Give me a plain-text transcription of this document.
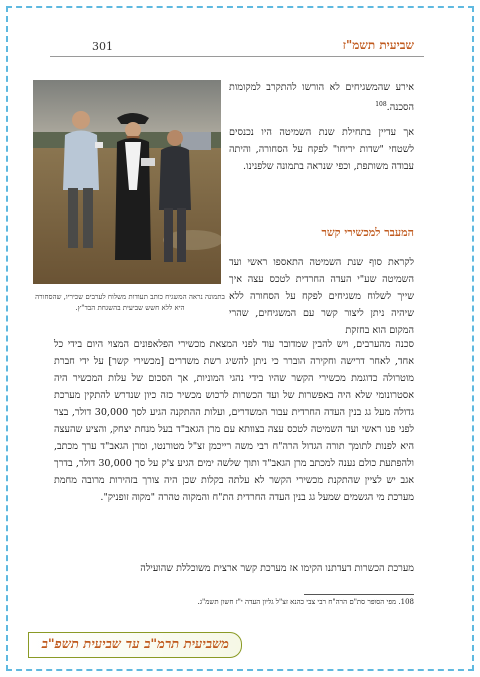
301	שביעית תשמ"ז
בתמונה נראה המשגיח כותב תעודות משלוח לערבים שכיריו, שהסחורה היא ללא חשש שביעית בהשגחת הבד"ץ.
אירע שהמשגיחים לא הורשו להתקרב למקומות הסכנה.$^{108}$
אך עדיין בתחילת שנת השמיטה היו נכנסים לשטחי "שדות יריחו" לפקח על הסחורה, והיתה עבודה משותפת, וכפי שנראה בתמונה שלפנינו.
המעבר למכשירי קשר
לקראת סוף שנת השמיטה התאספו ראשי ועד השמיטה שע"י העדה החרדית לטכס עצה איך שייך לשלוח משגיחים לפקח על הסחורה ללא שיהיה ניתן ליצור קשר עם המשגיחים, שהרי המקום הוא בחזקת
סכנה מהערבים, ויש להבין שמדובר עוד לפני המצאת מכשירי הפלאפונים המצוי היום בידי כל אחד, לאחר דרישה וחקירה הוברר כי ניתן להשיג רשת משדרים [מכשירי קשר] על ידי חברת מוטרולה כדוגמת מכשירי הקשר שהיו בידי נהגי המוניות, אך הסכום של עלות המכשיר היה אסטרונומי שלא היה באפשרות של ועד הכשרות לרכוש מכשיר כזה כיון שנדרש להתקין מערכת גדולה מעל גג בנין העדה החרדית עבור המשדרים, ועלות ההתקנה הגיע לסך 30,000 דולר, בצר לפני פנו ראשי ועד השמיטה לטכס עצה בצוותא עם מרן הגאב"ד בעל מנחת יצחק, והציע שהעצה היא לפנות לתומך תורה הגדול הרה"ח רבי משה רייכמן זצ"ל מטורנטו, ומרן הגאב"ד ערך מכתב, ולהפתעת כולם נענה למכתב מרן הגאב"ד ותוך שלשה ימים הגיע צ'ק על סך 30,000 דולר, בדרך אגב יש לציין שהתקנת מכשירי הקשר לא עלתה בקלות שכן היה צורך בזהירות מרובה מחמת מערכת מי הגשמים שמעל גג בנין העדה החרדית הת"ח והמקוה טהרה "מקוה זופניק".
מערכת הכשרות דעדתנו הקימו אז מערכת קשר ארצית משוכללת שהועילה
108. מפי הסופר סת"ם הרה"ח רבי צבי כהנא זצ"ל גליון העדה י"ז חשון תשמ"ג.
משביעית תרמ"ב עד שביעית תשפ"ב
